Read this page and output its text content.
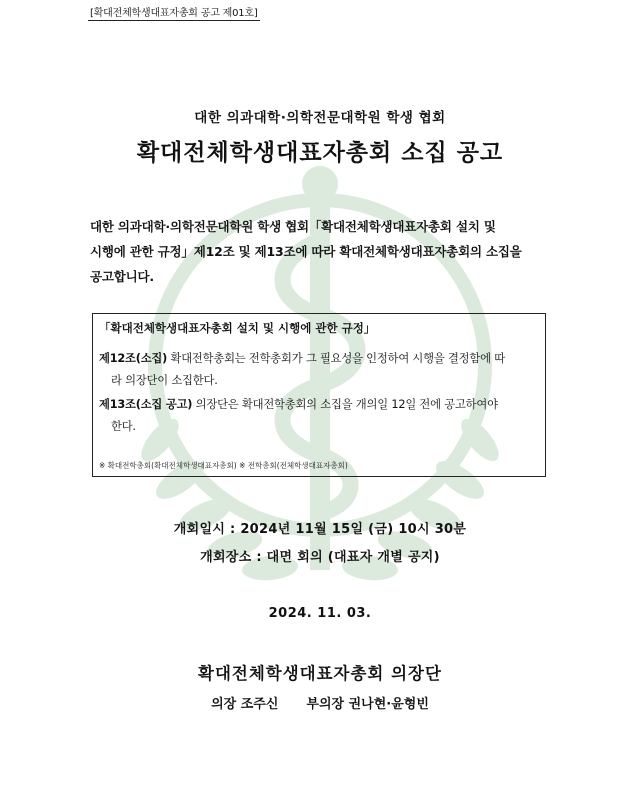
[확대전체학생대표자총회 공고 제01호]
대한 의과대학·의학전문대학원 학생 협회
확대전체학생대표자총회 소집 공고
대한 의과대학·의학전문대학원 학생 협회「확대전체학생대표자총회 설치 및
시행에 관한 규정」제12조 및 제13조에 따라 확대전체학생대표자총회의 소집을
공고합니다.
「확대전체학생대표자총회 설치 및 시행에 관한 규정」
제12조(소집) 확대전학총회는 전학총회가 그 필요성을 인정하여 시행을 결정함에 따
라 의장단이 소집한다.
제13조(소집 공고) 의장단은 확대전학총회의 소집을 개의일 12일 전에 공고하여야
한다.
※ 확대전학총회(확대전체학생대표자총회) ※ 전학총회(전체학생대표자총회)
개회일시 : 2024년 11월 15일 (금) 10시 30분
개회장소 : 대면 회의 (대표자 개별 공지)
2024. 11. 03.
확대전체학생대표자총회 의장단
의장 조주신 부의장 권나현·윤형빈
